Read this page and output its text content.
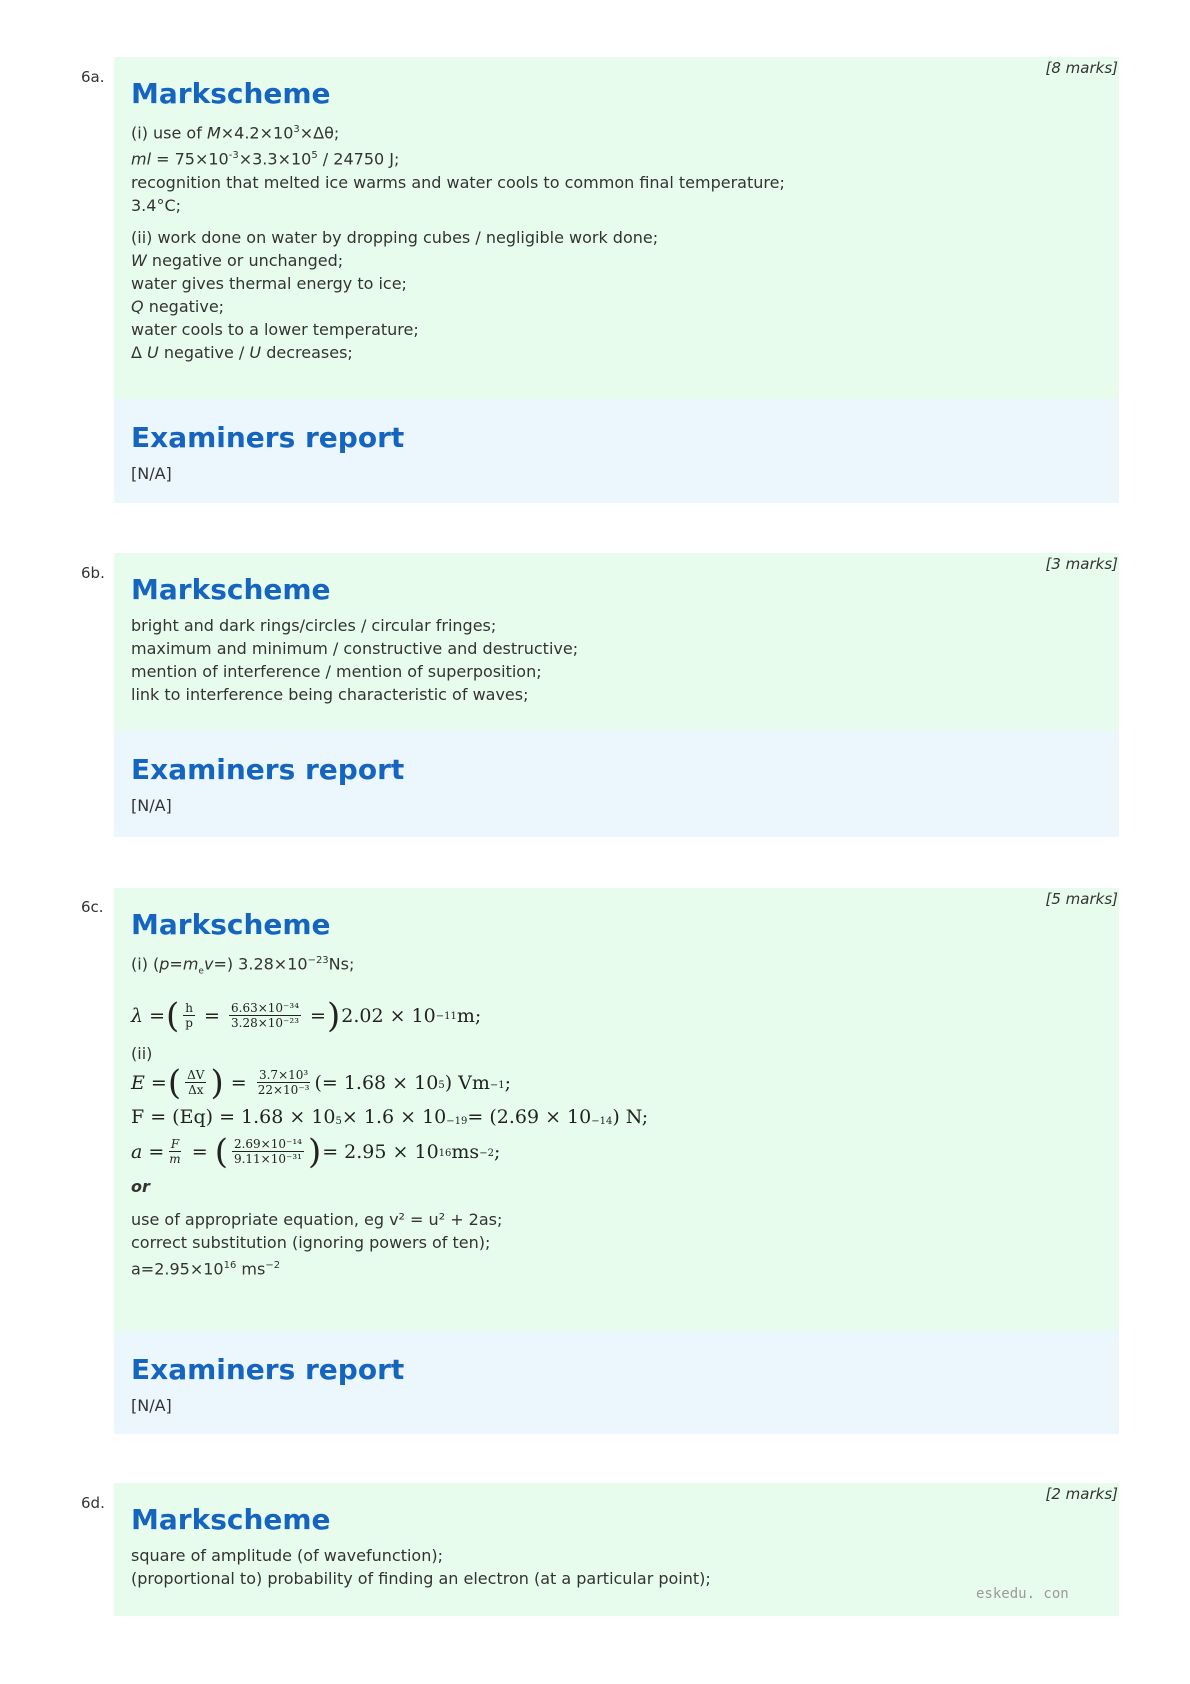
6a.	[8 marks]
Markscheme
(i) use of $M\times 4.2\times 10^3\times\Delta\theta$;
ml = $75\times 10^{-3}\times 3.3\times 10^5 / 24750$ J;
recognition that melted ice warms and water cools to common final temperature;
3.4°C;
(ii) work done on water by dropping cubes / negligible work done;
W negative or unchanged;
water gives thermal energy to ice;
Q negative;
water cools to a lower temperature;
Δ U negative / U decreases;
Examiners report
[N/A]
6b.	[3 marks]
Markscheme
bright and dark rings/circles / circular fringes;
maximum and minimum / constructive and destructive;
mention of interference / mention of superposition;
link to interference being characteristic of waves;
Examiners report
[N/A]
6c.	[5 marks]
Markscheme
(i) $(p=m_ev=)$ $3.28\times 10^{-23}Ns$;
λ = ( $\frac{h}{p} = \frac{\text{6.63×10⁻³⁴}}{\text{3.28×10⁻²³}}$ = ) 2.02 × 10 −11 m;
(ii)
E = ( $\frac{\Delta V}{\Delta x}$ ) = $\frac{\text{3.7×10³}}{\text{22×10⁻³}}$ (= 1.68 × 10 5 ) Vm −1 ;
$F = (Eq) = 1.68 \times 10_5 \times 1.6 \times 10_{-19} = (2.69 \times 10_{-14}$ ) N;
$a = \frac{F}{m}$ = ( $\frac{\text{2.69×10⁻¹⁴}}{\text{9.11×10⁻³¹}}$ ) = 2.95 × 10 16 ms −2 ;
or
use of appropriate equation, eg v² = u² + 2as;
correct substitution (ignoring powers of ten);
$a=2.95\times 10^{16}$ $ms^{-2}$
Examiners report
[N/A]
6d.	[2 marks]
Markscheme
square of amplitude (of wavefunction);
(proportional to) probability of finding an electron (at a particular point);
eskedu. con
